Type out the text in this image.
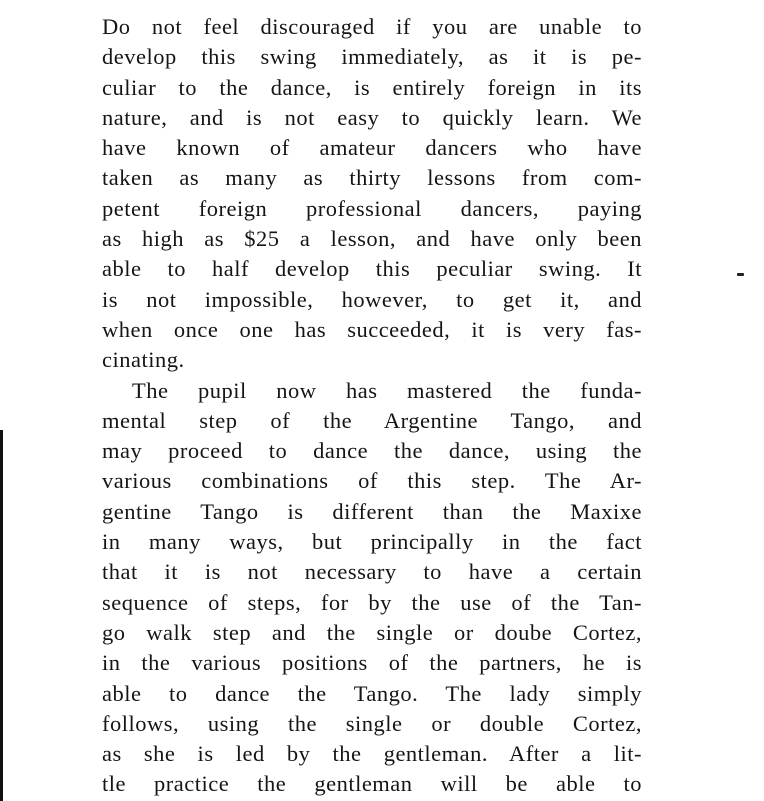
Do not feel discouraged if you are unable to
develop this swing immediately, as it is pe-
culiar to the dance, is entirely foreign in its
nature, and is not easy to quickly learn. We
have known of amateur dancers who have
taken as many as thirty lessons from com-
petent foreign professional dancers, paying
as high as $25 a lesson, and have only been
able to half develop this peculiar swing. It
is not impossible, however, to get it, and
when once one has succeeded, it is very fas-
cinating.
The pupil now has mastered the funda-
mental step of the Argentine Tango, and
may proceed to dance the dance, using the
various combinations of this step. The Ar-
gentine Tango is different than the Maxixe
in many ways, but principally in the fact
that it is not necessary to have a certain
sequence of steps, for by the use of the Tan-
go walk step and the single or doube Cortez,
in the various positions of the partners, he is
able to dance the Tango. The lady simply
follows, using the single or double Cortez,
as she is led by the gentleman. After a lit-
tle practice the gentleman will be able to
